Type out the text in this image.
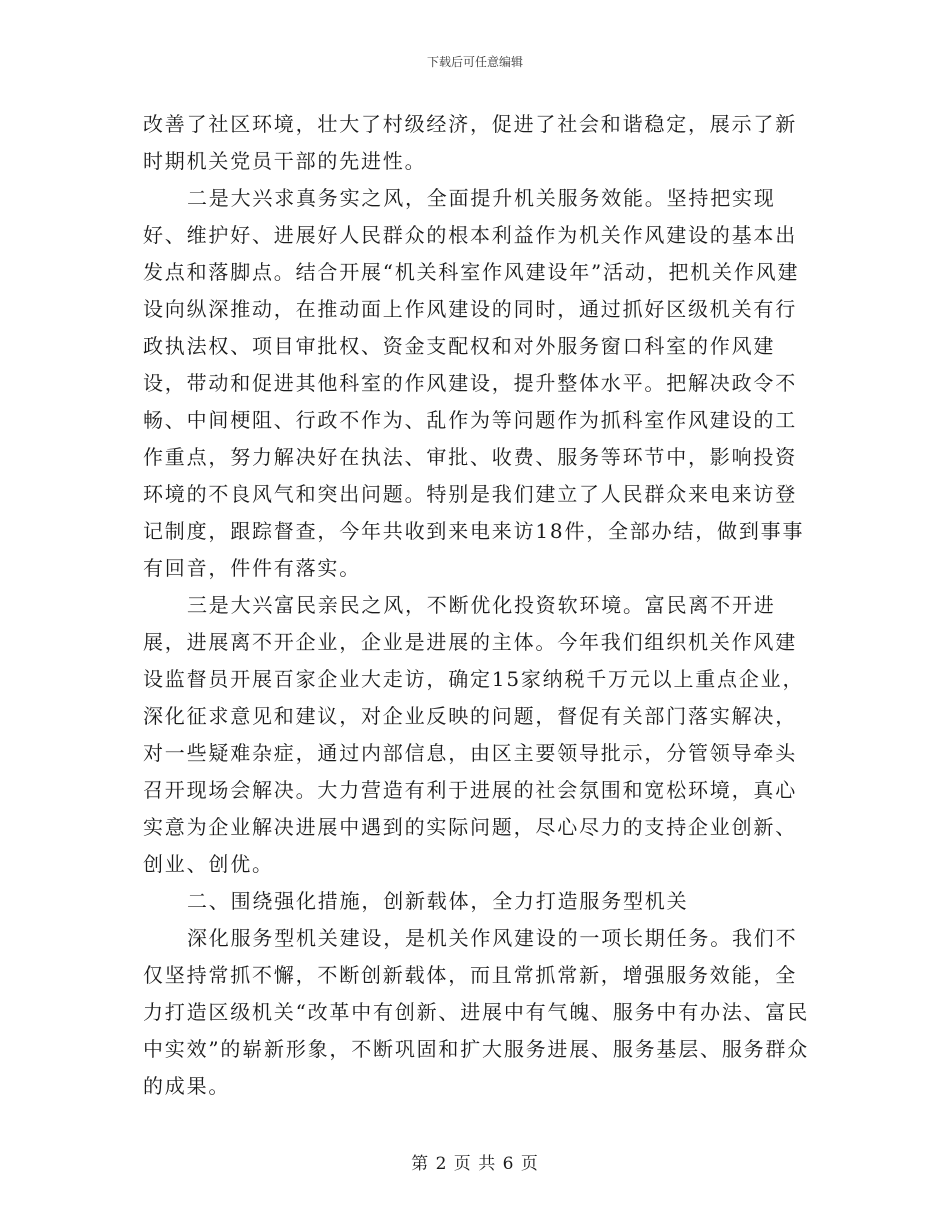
下载后可任意编辑

改善了社区环境，壮大了村级经济，促进了社会和谐稳定，展示了新时期机关党员干部的先进性。

二是大兴求真务实之风，全面提升机关服务效能。坚持把实现好、维护好、进展好人民群众的根本利益作为机关作风建设的基本出发点和落脚点。结合开展“机关科室作风建设年”活动，把机关作风建设向纵深推动，在推动面上作风建设的同时，通过抓好区级机关有行政执法权、项目审批权、资金支配权和对外服务窗口科室的作风建设，带动和促进其他科室的作风建设，提升整体水平。把解决政令不畅、中间梗阻、行政不作为、乱作为等问题作为抓科室作风建设的工作重点，努力解决好在执法、审批、收费、服务等环节中，影响投资环境的不良风气和突出问题。特别是我们建立了人民群众来电来访登记制度，跟踪督查，今年共收到来电来访18件，全部办结，做到事事有回音，件件有落实。

三是大兴富民亲民之风，不断优化投资软环境。富民离不开进展，进展离不开企业，企业是进展的主体。今年我们组织机关作风建设监督员开展百家企业大走访，确定15家纳税千万元以上重点企业，深化征求意见和建议，对企业反映的问题，督促有关部门落实解决，对一些疑难杂症，通过内部信息，由区主要领导批示，分管领导牵头召开现场会解决。大力营造有利于进展的社会氛围和宽松环境，真心实意为企业解决进展中遇到的实际问题，尽心尽力的支持企业创新、创业、创优。

二、围绕强化措施，创新载体，全力打造服务型机关

深化服务型机关建设，是机关作风建设的一项长期任务。我们不仅坚持常抓不懈，不断创新载体，而且常抓常新，增强服务效能，全力打造区级机关“改革中有创新、进展中有气魄、服务中有办法、富民中实效”的崭新形象，不断巩固和扩大服务进展、服务基层、服务群众的成果。

第 2 页 共 6 页
